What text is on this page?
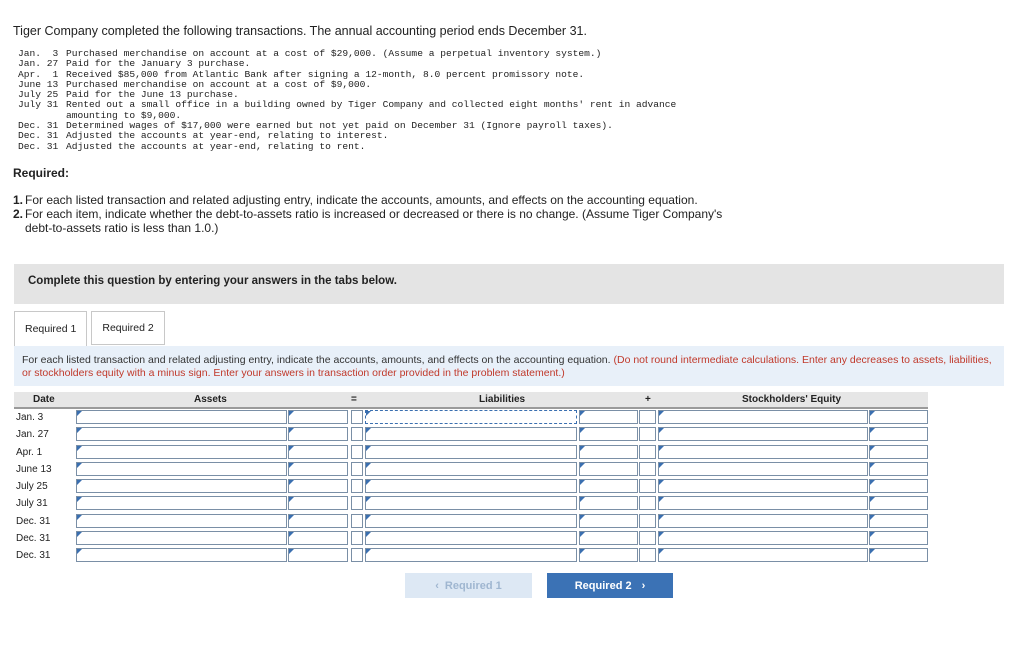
Tiger Company completed the following transactions. The annual accounting period ends December 31.
Jan.  3 Purchased merchandise on account at a cost of $29,000. (Assume a perpetual inventory system.)
Jan. 27 Paid for the January 3 purchase.
Apr.  1 Received $85,000 from Atlantic Bank after signing a 12-month, 8.0 percent promissory note.
June 13 Purchased merchandise on account at a cost of $9,000.
July 25 Paid for the June 13 purchase.
July 31 Rented out a small office in a building owned by Tiger Company and collected eight months' rent in advance
amounting to $9,000.
Dec. 31 Determined wages of $17,000 were earned but not yet paid on December 31 (Ignore payroll taxes).
Dec. 31 Adjusted the accounts at year-end, relating to interest.
Dec. 31 Adjusted the accounts at year-end, relating to rent.
Required:
1. For each listed transaction and related adjusting entry, indicate the accounts, amounts, and effects on the accounting equation.
2. For each item, indicate whether the debt-to-assets ratio is increased or decreased or there is no change. (Assume Tiger Company's
debt-to-assets ratio is less than 1.0.)
Complete this question by entering your answers in the tabs below.
Required 1	Required 2
For each listed transaction and related adjusting entry, indicate the accounts, amounts, and effects on the accounting equation. (Do not round intermediate calculations. Enter any decreases to assets, liabilities, or stockholders equity with a minus sign. Enter your answers in transaction order provided in the problem statement.)
Date	Assets	=	Liabilities	+	Stockholders' Equity
Jan. 3
Jan. 27
Apr. 1
June 13
July 25
July 31
Dec. 31
Dec. 31
Dec. 31
‹ Required 1	Required 2 ›
